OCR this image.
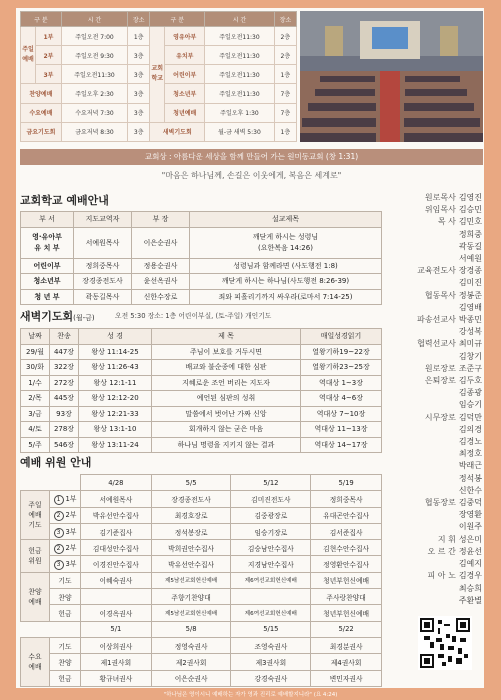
구 분		시 간	장소	구 분		시 간	장소
주일예배	1부	주일오전 7:00	1층	교회학교	영유아부	주일오전11:30	2층
	2부	주일오전 9:30	3층		유치부	주일오전11:30	2층
	3부	주일오전11:30	3층		어린이부	주일오전11:30	1층
찬양예배		주일오후 2:30	3층		청소년부	주일오전11:30	7층
수요예배		수요저녁 7:30	3층		청년예배	주일오후 1:30	7층
금요기도회		금요저녁 8:30	3층	새벽기도회		월-금 새벽 5:30	1층
교회상 : 아름다운 세상을 함께 만들어 가는 원미동교회 (창 1:31)
"마음은 하나님께, 손길은 이웃에게, 복음은 세계로"
교회학교 예배안내
부 서	지도교역자	부 장	설교제목
영·유아부
유 치 부	서예원목사	이은순권사	깨닫게 하시는 성령님
(요한복음 14:26)
어린이부	정희중목사	정용순권사	성령님과 함께라면 (사도행전 1:8)
청소년부	장경종전도사	윤선옥권사	깨닫게 하시는 하나님(사도행전 8:26-39)
청 년 부	곽동길목사	신한수장로	죄와 피흘리기까지 싸우라(로마서 7:14-25)
새벽기도회(월-금)	오전 5:30 장소: 1층 어린이부실, (토-주일) 개인기도
날짜	찬송	성 경	제 목	매일성경읽기
29/월	447장	왕상 11:14-25	주님이 보호를 거두시면	열왕기하19~22장
30/화	322장	왕상 11:26-43	배교와 불순종에 대한 심판	열왕기하23~25장
1/수	272장	왕상 12:1-11	지혜로운 조언 버리는 지도자	역대상 1~3장
2/목	445장	왕상 12:12-20	예언된 심판의 성취	역대상 4~6장
3/금	93장	왕상 12:21-33	말씀에서 벗어난 가짜 신앙	역대상 7~10장
4/토	278장	왕상 13:1-10	회개하지 않는 굳은 마음	역대상 11~13장
5/주	546장	왕상 13:11-24	하나님 명령을 지키지 않는 결과	역대상 14~17장
예배 위원 안내
		4/28	5/5	5/12	5/19
주일
예배
기도	1 1부	서예원목사	장경종전도사	김미진전도사	정희중목사
	2 2부	박유선안수집사	최경호장로	김중광장로	유대곤안수집사
	3 3부	김기준집사	정석봉장로	임승기장로	김서준집사
헌금
위원	2 2부	김대성안수집사	박희권안수집사	김승남안수집사	김현수안수집사
	3 3부	이경진안수집사	박유선안수집사	지경남안수집사	정영환안수집사
찬양
예배	기도	이혜숙권사	제5남선교회헌신예배	제6여선교회헌신예배	청년부헌신예배
	찬양		주향기찬양대		주사랑찬양대
	헌금	이경옥권사	제5남선교회헌신예배	제6여선교회헌신예배	청년부헌신예배
		5/1	5/8	5/15	5/22
수요
예배	기도	이상희권사	정영숙권사	조영숙권사	최경분권사
	찬양	제1권사회	제2권사회	제3권사회	제4권사회
	헌금	황규녀권사	이은순권사	강경숙권사	변민자권사
원로목사 김영진
위임목사 김승민
목 사 김민호
정희중
곽동길
서예원
교육전도사 장경종
김미진
협동목사 정봉준
김영배
파송선교사 박종민
강성복
협력선교사 최미규
김창기
원로장로 조준구
은퇴장로 김두호
김종광
임승기
시무장로 김덕만
김의경
김경노
최정호
박래근
정석봉
신한수
협동장로 김중덕
장영환
이원주
지 휘 성은미
오 르 간 정윤선
김예지
피 아 노 김경우
최승희
주환별
"하나님은 영이시니 예배하는 자가 영과 진리로 예배할지니라" (요 4:24)
